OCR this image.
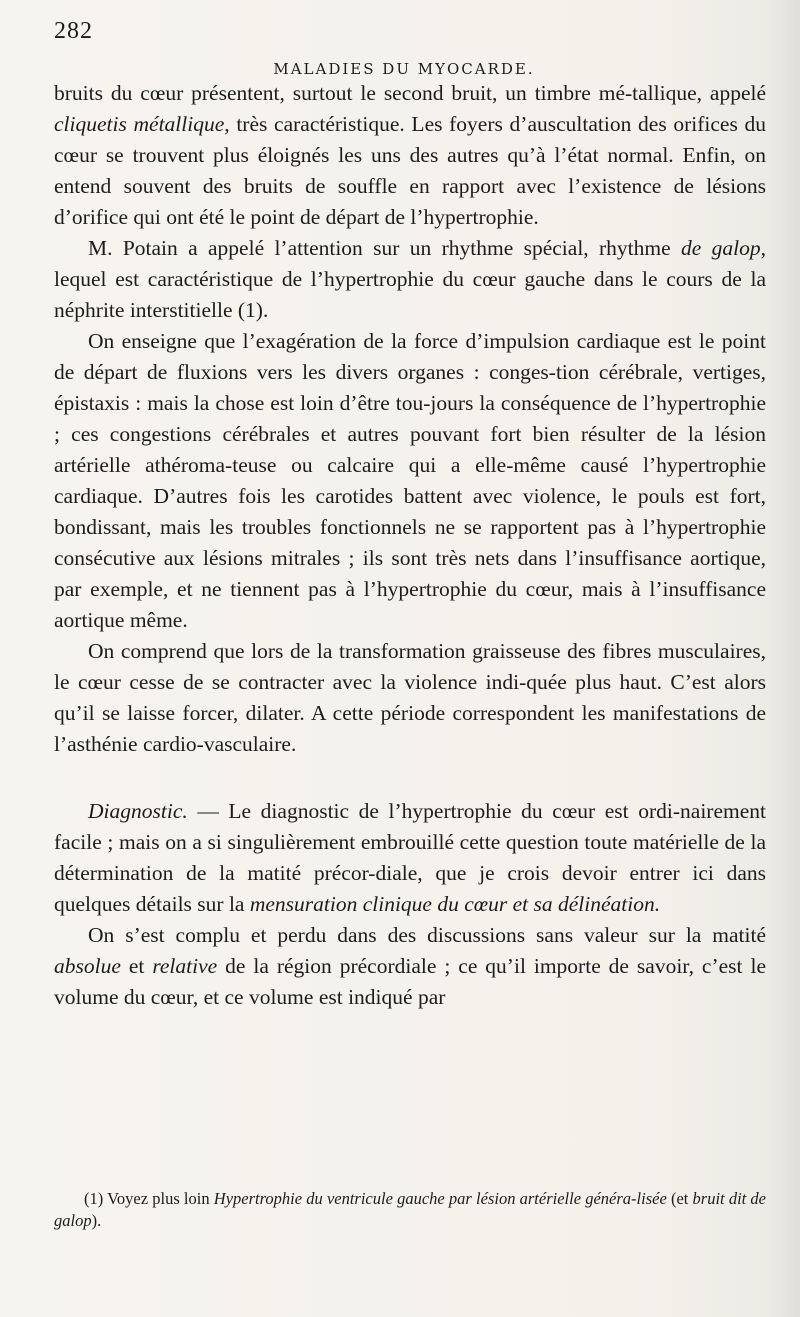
282
MALADIES DU MYOCARDE.

bruits du cœur présentent, surtout le second bruit, un timbre mé-tallique, appelé cliquetis métallique, très caractéristique. Les foyers d’auscultation des orifices du cœur se trouvent plus éloignés les uns des autres qu’à l’état normal. Enfin, on entend souvent des bruits de souffle en rapport avec l’existence de lésions d’orifice qui ont été le point de départ de l’hypertrophie.

M. Potain a appelé l’attention sur un rhythme spécial, rhythme de galop, lequel est caractéristique de l’hypertrophie du cœur gauche dans le cours de la néphrite interstitielle (1).

On enseigne que l’exagération de la force d’impulsion cardiaque est le point de départ de fluxions vers les divers organes : conges-tion cérébrale, vertiges, épistaxis : mais la chose est loin d’être tou-jours la conséquence de l’hypertrophie ; ces congestions cérébrales et autres pouvant fort bien résulter de la lésion artérielle athéroma-teuse ou calcaire qui a elle-même causé l’hypertrophie cardiaque. D’autres fois les carotides battent avec violence, le pouls est fort, bondissant, mais les troubles fonctionnels ne se rapportent pas à l’hypertrophie consécutive aux lésions mitrales ; ils sont très nets dans l’insuffisance aortique, par exemple, et ne tiennent pas à l’hypertrophie du cœur, mais à l’insuffisance aortique même.

On comprend que lors de la transformation graisseuse des fibres musculaires, le cœur cesse de se contracter avec la violence indi-quée plus haut. C’est alors qu’il se laisse forcer, dilater. A cette période correspondent les manifestations de l’asthénie cardio-vasculaire.

Diagnostic. — Le diagnostic de l’hypertrophie du cœur est ordi-nairement facile ; mais on a si singulièrement embrouillé cette question toute matérielle de la détermination de la matité précor-diale, que je crois devoir entrer ici dans quelques détails sur la mensuration clinique du cœur et sa délinéation.

On s’est complu et perdu dans des discussions sans valeur sur la matité absolue et relative de la région précordiale ; ce qu’il importe de savoir, c’est le volume du cœur, et ce volume est indiqué par

(1) Voyez plus loin Hypertrophie du ventricule gauche par lésion artérielle généra-lisée (et bruit dit de galop).
